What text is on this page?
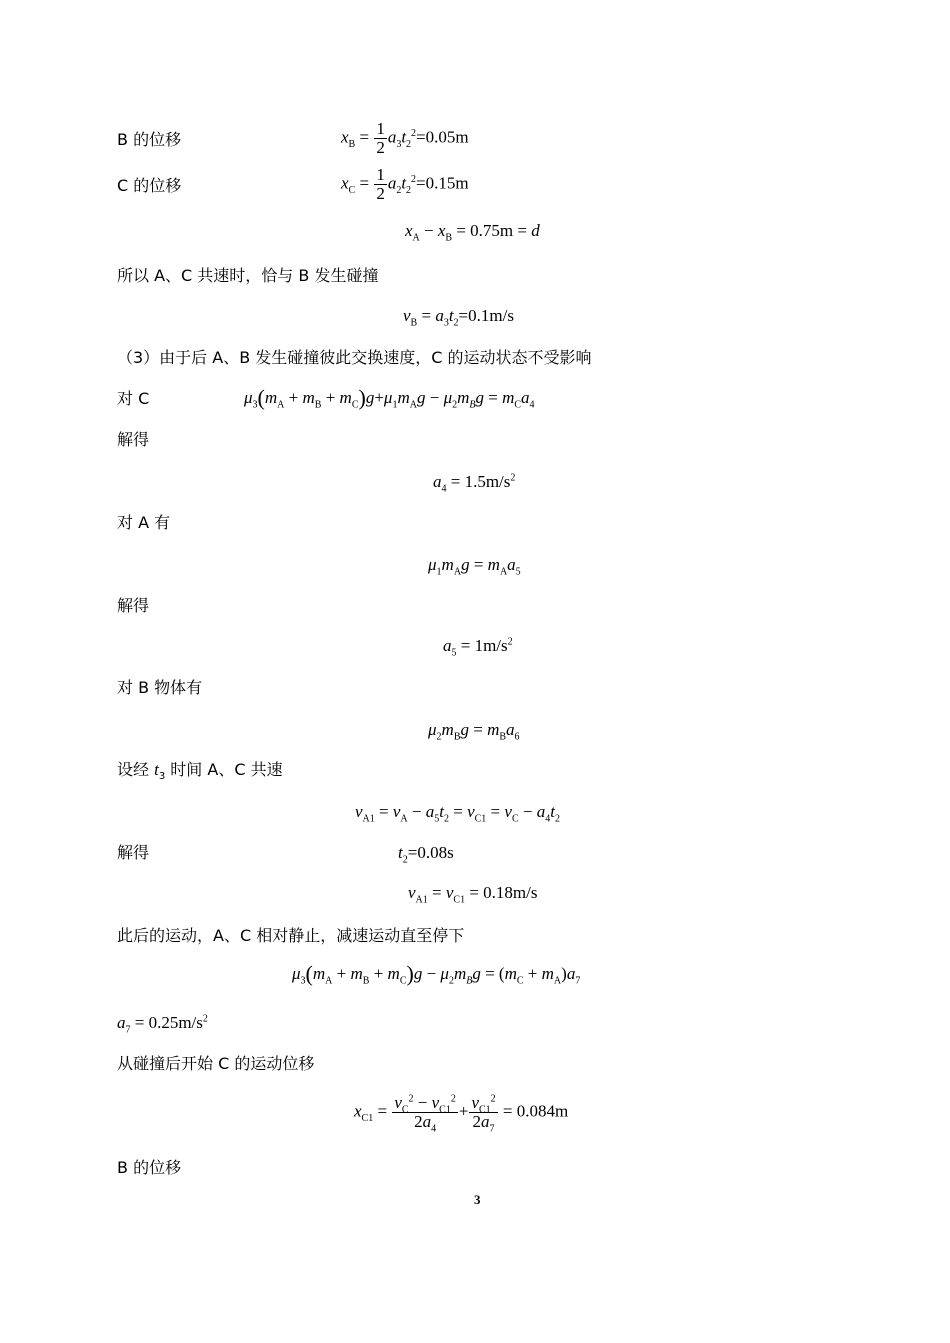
B 的位移	$x_B = \frac{1}{2} a_3t_2^2=0.05m$
C 的位移	$x_C = \frac{1}{2} a_2t_2^2=0.15m$
$x_A - x_B = 0.75m = d$
所以 A、C 共速时，恰与 B 发生碰撞
$v_B = a_3t_2=0.1m/s$
（3）由于后 A、B 发生碰撞彼此交换速度，C 的运动状态不受影响
对 C	$\mu_3(m_A + m_B + m_C)g+\mu_1m_Ag - \mu_2m_Bg = m_Ca_4$
解得
$a_4 = 1.5m/s^2$
对 A 有
$\mu_1m_Ag = m_Aa_5$
解得
$a_5 = 1m/s^2$
对 B 物体有
$\mu_2m_Bg = m_Ba_6$
设经 $t_3$ 时间 A、C 共速
$v_{A1} = v_A - a_5t_2 = v_{C1} = v_C - a_4t_2$
解得	$t_2=0.08s$
$v_{A1} = v_{C1} = 0.18m/s$
此后的运动，A、C 相对静止，减速运动直至停下
$\mu_3(m_A + m_B + m_C)g - \mu_2m_Bg = (m_C + m_A)a_7$
$a_7 = 0.25m/s^2$
从碰撞后开始 C 的运动位移
$x_{C1} = \frac{v_C^2 - v_{C1}^2}{2a_4} + \frac{v_{C1}^2}{2a_7} = 0.084m$
B 的位移
3
